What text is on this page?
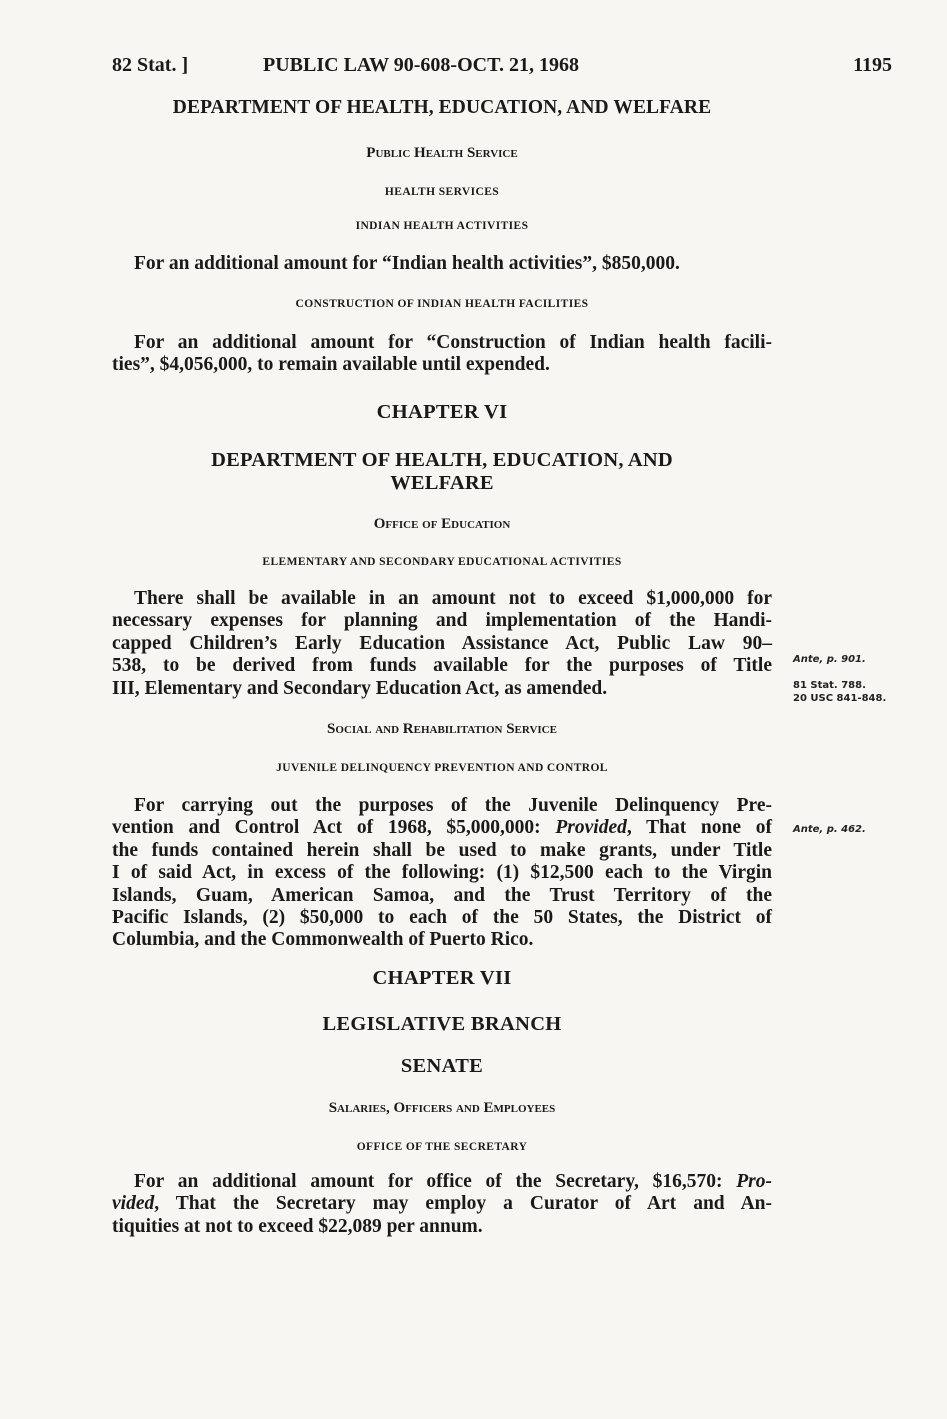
82 Stat. ]	PUBLIC LAW 90-608-OCT. 21, 1968	1195
DEPARTMENT OF HEALTH, EDUCATION, AND WELFARE
Public Health Service
HEALTH SERVICES
INDIAN HEALTH ACTIVITIES
For an additional amount for “Indian health activities”, $850,000.
CONSTRUCTION OF INDIAN HEALTH FACILITIES
For an additional amount for “Construction of Indian health facili-
ties”, $4,056,000, to remain available until expended.
CHAPTER VI
DEPARTMENT OF HEALTH, EDUCATION, AND
WELFARE
Office of Education
ELEMENTARY AND SECONDARY EDUCATIONAL ACTIVITIES
There shall be available in an amount not to exceed $1,000,000 for
necessary expenses for planning and implementation of the Handi-
capped Children’s Early Education Assistance Act, Public Law 90–
538, to be derived from funds available for the purposes of Title
III, Elementary and Secondary Education Act, as amended.
Ante, p. 901.
81 Stat. 788.
20 USC 841-848.
Social and Rehabilitation Service
JUVENILE DELINQUENCY PREVENTION AND CONTROL
For carrying out the purposes of the Juvenile Delinquency Pre-
vention and Control Act of 1968, $5,000,000: Provided, That none of
the funds contained herein shall be used to make grants, under Title
I of said Act, in excess of the following: (1) $12,500 each to the Virgin
Islands, Guam, American Samoa, and the Trust Territory of the
Pacific Islands, (2) $50,000 to each of the 50 States, the District of
Columbia, and the Commonwealth of Puerto Rico.
Ante, p. 462.
CHAPTER VII
LEGISLATIVE BRANCH
SENATE
Salaries, Officers and Employees
OFFICE OF THE SECRETARY
For an additional amount for office of the Secretary, $16,570: Pro-
vided, That the Secretary may employ a Curator of Art and An-
tiquities at not to exceed $22,089 per annum.
